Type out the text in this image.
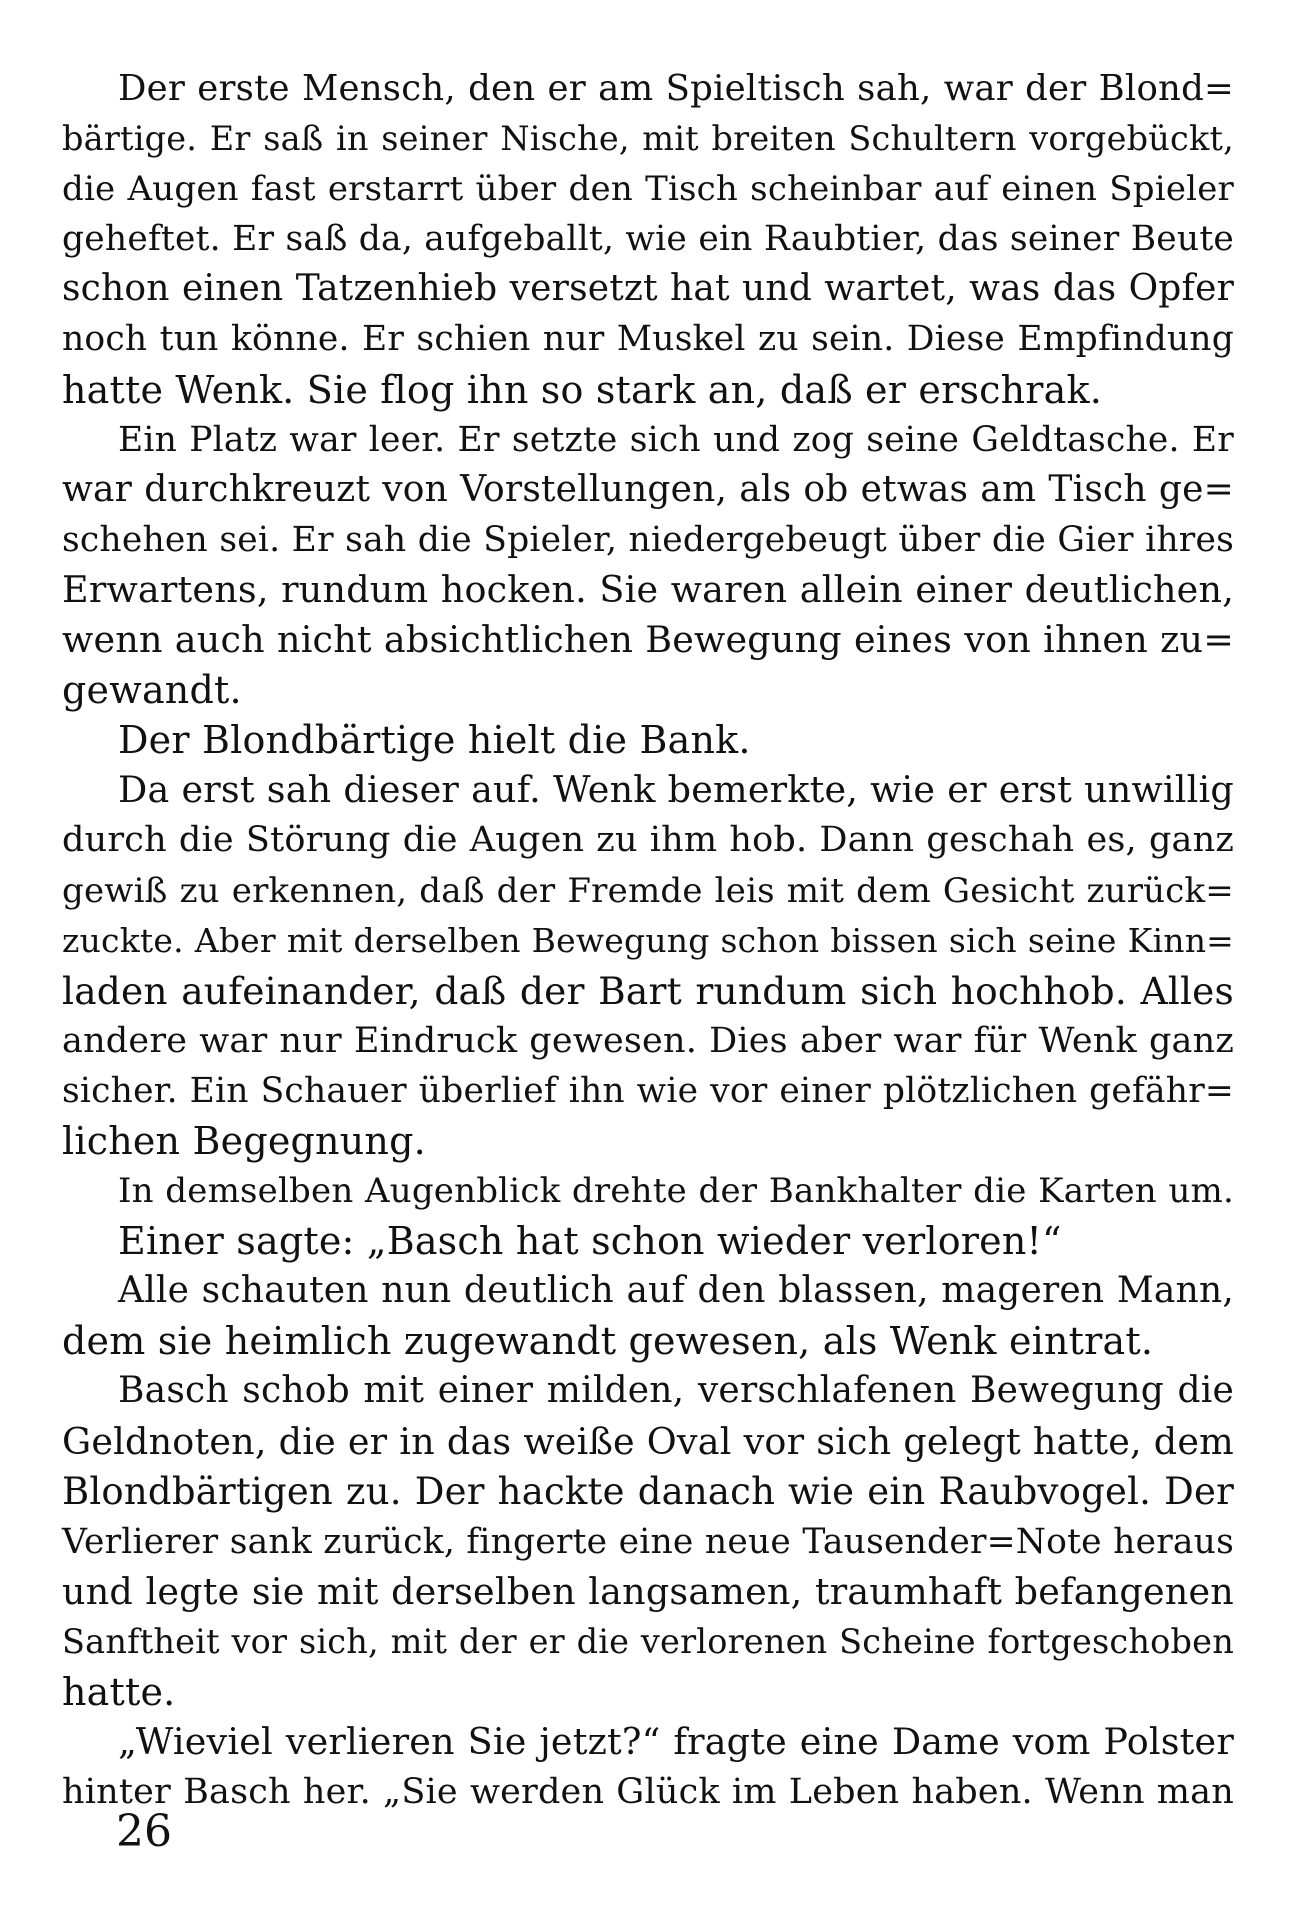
Der erste Mensch, den er am Spieltisch sah, war der Blond=
bärtige. Er saß in seiner Nische, mit breiten Schultern vorgebückt,
die Augen fast erstarrt über den Tisch scheinbar auf einen Spieler
geheftet. Er saß da, aufgeballt, wie ein Raubtier, das seiner Beute
schon einen Tatzenhieb versetzt hat und wartet, was das Opfer
noch tun könne. Er schien nur Muskel zu sein. Diese Empfindung
hatte Wenk. Sie flog ihn so stark an, daß er erschrak.
Ein Platz war leer. Er setzte sich und zog seine Geldtasche. Er
war durchkreuzt von Vorstellungen, als ob etwas am Tisch ge=
schehen sei. Er sah die Spieler, niedergebeugt über die Gier ihres
Erwartens, rundum hocken. Sie waren allein einer deutlichen,
wenn auch nicht absichtlichen Bewegung eines von ihnen zu=
gewandt.
Der Blondbärtige hielt die Bank.
Da erst sah dieser auf. Wenk bemerkte, wie er erst unwillig
durch die Störung die Augen zu ihm hob. Dann geschah es, ganz
gewiß zu erkennen, daß der Fremde leis mit dem Gesicht zurück=
zuckte. Aber mit derselben Bewegung schon bissen sich seine Kinn=
laden aufeinander, daß der Bart rundum sich hochhob. Alles
andere war nur Eindruck gewesen. Dies aber war für Wenk ganz
sicher. Ein Schauer überlief ihn wie vor einer plötzlichen gefähr=
lichen Begegnung.
In demselben Augenblick drehte der Bankhalter die Karten um.
Einer sagte: „Basch hat schon wieder verloren!“
Alle schauten nun deutlich auf den blassen, mageren Mann,
dem sie heimlich zugewandt gewesen, als Wenk eintrat.
Basch schob mit einer milden, verschlafenen Bewegung die
Geldnoten, die er in das weiße Oval vor sich gelegt hatte, dem
Blondbärtigen zu. Der hackte danach wie ein Raubvogel. Der
Verlierer sank zurück, fingerte eine neue Tausender=Note heraus
und legte sie mit derselben langsamen, traumhaft befangenen
Sanftheit vor sich, mit der er die verlorenen Scheine fortgeschoben
hatte.
„Wieviel verlieren Sie jetzt?“ fragte eine Dame vom Polster
hinter Basch her. „Sie werden Glück im Leben haben. Wenn man
26
